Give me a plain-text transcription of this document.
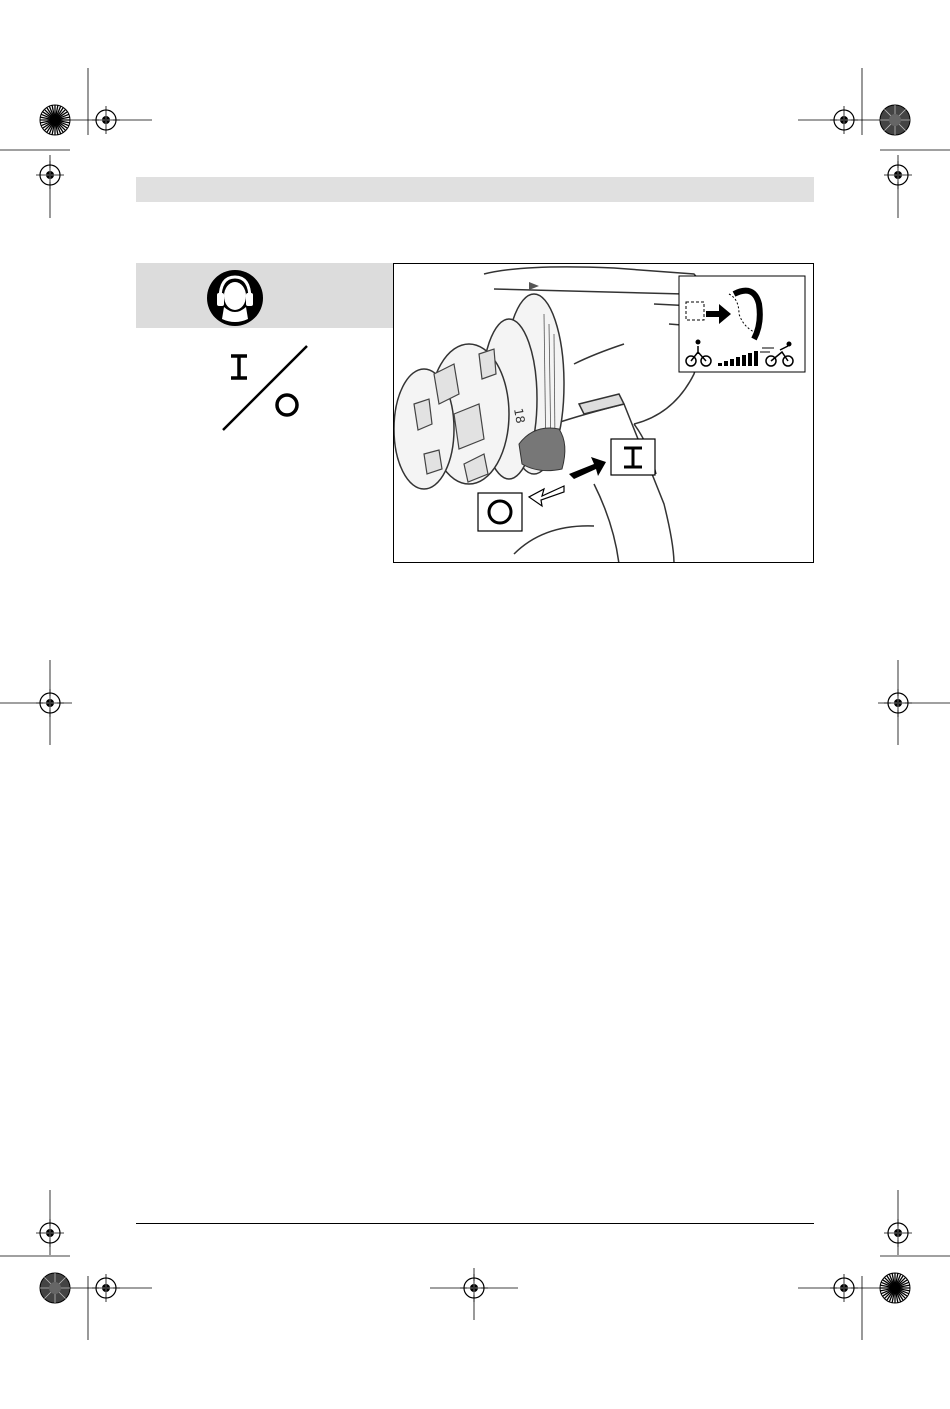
18
